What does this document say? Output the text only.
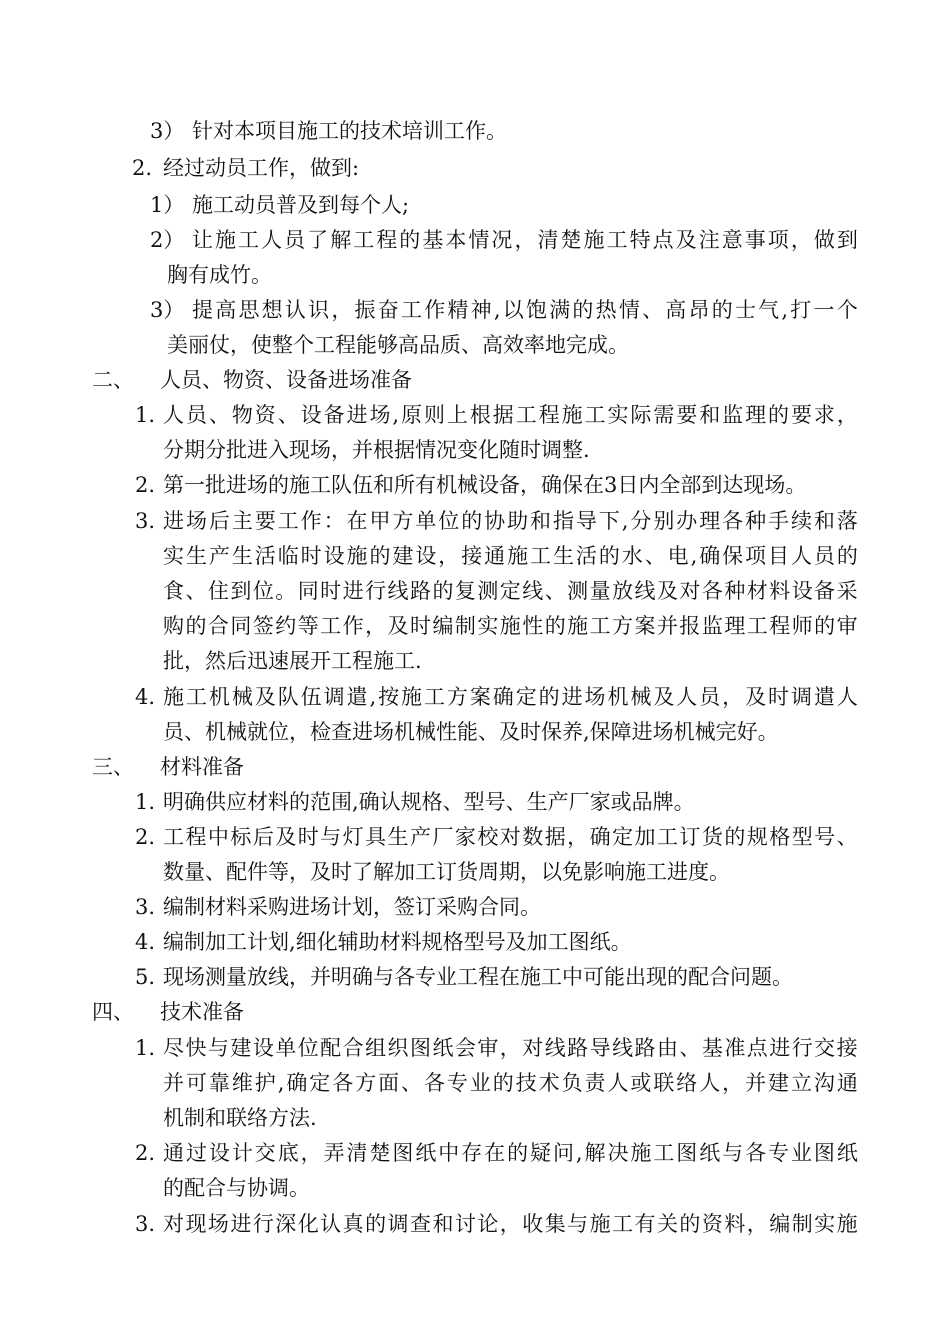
3） 针对本项目施工的技术培训工作。
2. 经过动员工作，做到:
1） 施工动员普及到每个人;
2） 让 施 工 人 员 了 解 工 程 的 基 本 情 况 ， 清 楚 施 工 特 点 及 注 意 事 项 ， 做 到
胸有成竹。
3） 提 高 思 想 认 识 ， 振 奋 工 作 精 神 , 以 饱 满 的 热 情 、 高 昂 的 士 气 , 打 一 个
美丽仗，使整个工程能够高品质、高效率地完成。
二、 人员、物资、设备进场准备
1. 人 员 、 物 资 、 设 备 进 场 , 原 则 上 根 据 工 程 施 工 实 际 需 要 和 监 理 的 要 求 ，
分期分批进入现场，并根据情况变化随时调整.
2. 第一批进场的施工队伍和所有机械设备，确保在3日内全部到达现场。
3. 进 场 后 主 要 工 作 ： 在 甲 方 单 位 的 协 助 和 指 导 下 , 分 别 办 理 各 种 手 续 和 落
实 生 产 生 活 临 时 设 施 的 建 设 ， 接 通 施 工 生 活 的 水 、 电 , 确 保 项 目 人 员 的
食 、 住 到 位 。 同 时 进 行 线 路 的 复 测 定 线 、 测 量 放 线 及 对 各 种 材 料 设 备 采
购 的 合 同 签 约 等 工 作 ， 及 时 编 制 实 施 性 的 施 工 方 案 并 报 监 理 工 程 师 的 审
批，然后迅速展开工程施工.
4. 施 工 机 械 及 队 伍 调 遣 , 按 施 工 方 案 确 定 的 进 场 机 械 及 人 员 ， 及 时 调 遣 人
员、机械就位，检查进场机械性能、及时保养,保障进场机械完好。
三、 材料准备
1. 明确供应材料的范围,确认规格、型号、生产厂家或品牌。
2. 工 程 中 标 后 及 时 与 灯 具 生 产 厂 家 校 对 数 据 ， 确 定 加 工 订 货 的 规 格 型 号 、
数量、配件等，及时了解加工订货周期，以免影响施工进度。
3. 编制材料采购进场计划，签订采购合同。
4. 编制加工计划,细化辅助材料规格型号及加工图纸。
5. 现场测量放线，并明确与各专业工程在施工中可能出现的配合问题。
四、 技术准备
1. 尽 快 与 建 设 单 位 配 合 组 织 图 纸 会 审 ， 对 线 路 导 线 路 由 、 基 准 点 进 行 交 接
并 可 靠 维 护 , 确 定 各 方 面 、 各 专 业 的 技 术 负 责 人 或 联 络 人 ， 并 建 立 沟 通
机制和联络方法.
2. 通 过 设 计 交 底 ， 弄 清 楚 图 纸 中 存 在 的 疑 问 , 解 决 施 工 图 纸 与 各 专 业 图 纸
的配合与协调。
3. 对 现 场 进 行 深 化 认 真 的 调 查 和 讨 论 ， 收 集 与 施 工 有 关 的 资 料 ， 编 制 实 施
